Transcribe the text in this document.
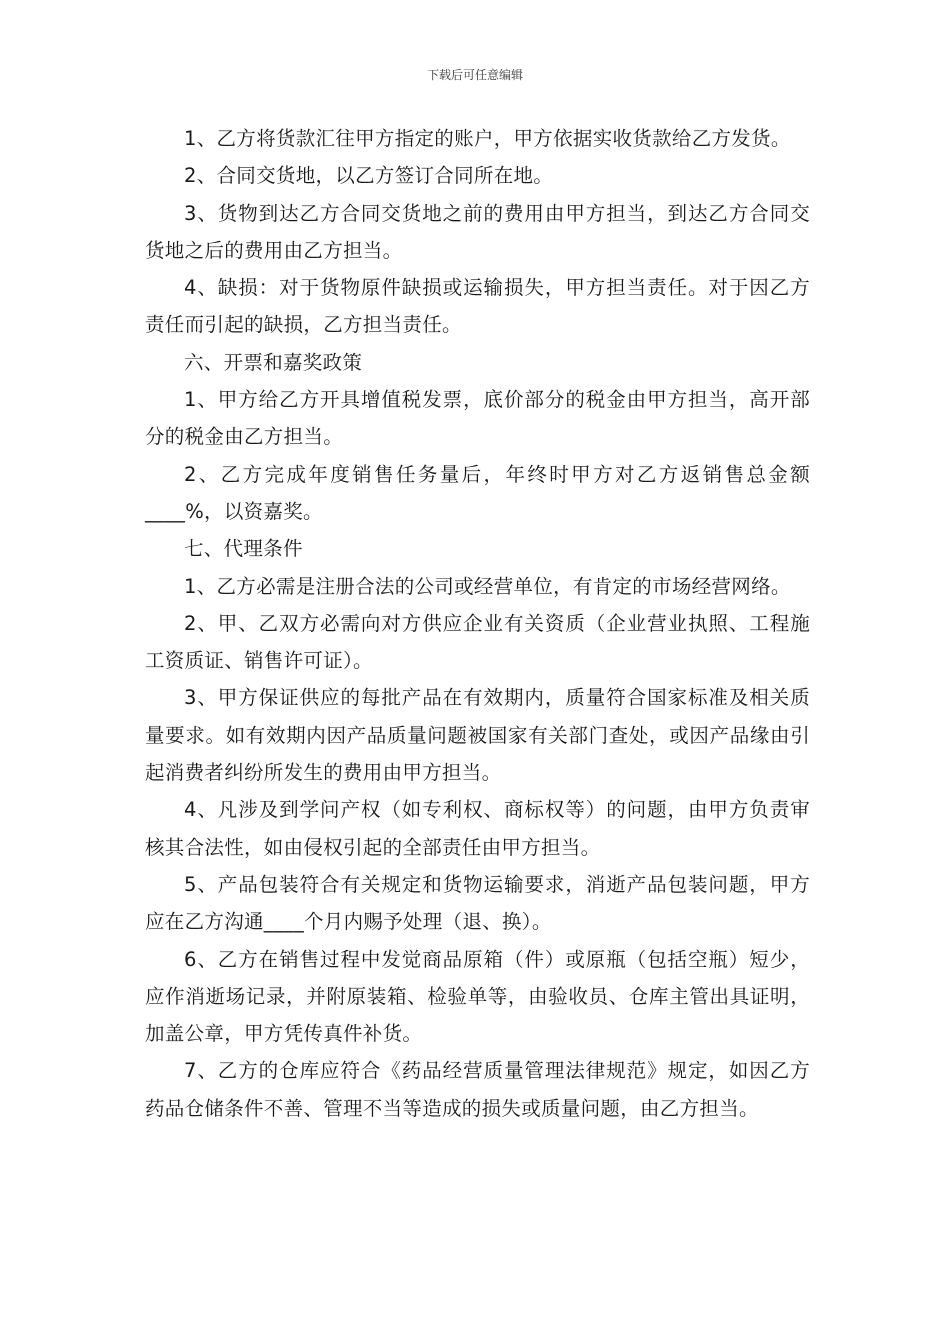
下载后可任意编辑

1、乙方将货款汇往甲方指定的账户，甲方依据实收货款给乙方发货。

2、合同交货地，以乙方签订合同所在地。

3、货物到达乙方合同交货地之前的费用由甲方担当，到达乙方合同交货地之后的费用由乙方担当。

4、缺损：对于货物原件缺损或运输损失，甲方担当责任。对于因乙方责任而引起的缺损，乙方担当责任。

六、开票和嘉奖政策

1、甲方给乙方开具增值税发票，底价部分的税金由甲方担当，高开部分的税金由乙方担当。

2、乙方完成年度销售任务量后，年终时甲方对乙方返销售总金额____%，以资嘉奖。

七、代理条件

1、乙方必需是注册合法的公司或经营单位，有肯定的市场经营网络。

2、甲、乙双方必需向对方供应企业有关资质（企业营业执照、工程施工资质证、销售许可证）。

3、甲方保证供应的每批产品在有效期内，质量符合国家标准及相关质量要求。如有效期内因产品质量问题被国家有关部门查处，或因产品缘由引起消费者纠纷所发生的费用由甲方担当。

4、凡涉及到学问产权（如专利权、商标权等）的问题，由甲方负责审核其合法性，如由侵权引起的全部责任由甲方担当。

5、产品包装符合有关规定和货物运输要求，消逝产品包装问题，甲方应在乙方沟通____个月内赐予处理（退、换）。

6、乙方在销售过程中发觉商品原箱（件）或原瓶（包括空瓶）短少，应作消逝场记录，并附原装箱、检验单等，由验收员、仓库主管出具证明，加盖公章，甲方凭传真件补货。

7、乙方的仓库应符合《药品经营质量管理法律规范》规定，如因乙方药品仓储条件不善、管理不当等造成的损失或质量问题，由乙方担当。
